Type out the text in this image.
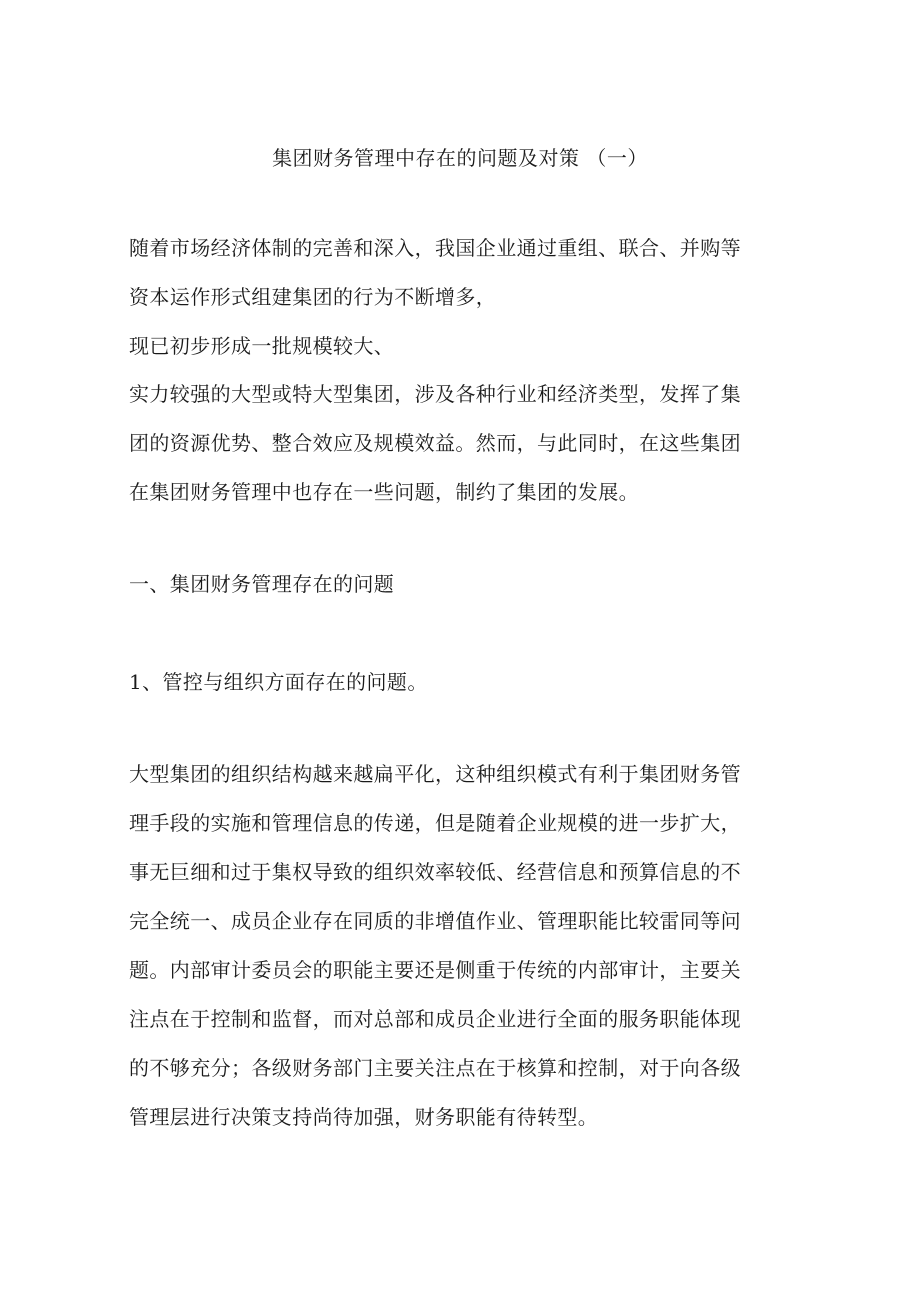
集团财务管理中存在的问题及对策 （一）
随着市场经济体制的完善和深入，我国企业通过重组、联合、并购等
资本运作形式组建集团的行为不断增多，
现已初步形成一批规模较大、
实力较强的大型或特大型集团，涉及各种行业和经济类型，发挥了集
团的资源优势、整合效应及规模效益。然而，与此同时，在这些集团
在集团财务管理中也存在一些问题，制约了集团的发展。
一、集团财务管理存在的问题
1、管控与组织方面存在的问题。
大型集团的组织结构越来越扁平化，这种组织模式有利于集团财务管
理手段的实施和管理信息的传递，但是随着企业规模的进一步扩大，
事无巨细和过于集权导致的组织效率较低、经营信息和预算信息的不
完全统一、成员企业存在同质的非增值作业、管理职能比较雷同等问
题。内部审计委员会的职能主要还是侧重于传统的内部审计，主要关
注点在于控制和监督，而对总部和成员企业进行全面的服务职能体现
的不够充分；各级财务部门主要关注点在于核算和控制，对于向各级
管理层进行决策支持尚待加强，财务职能有待转型。
